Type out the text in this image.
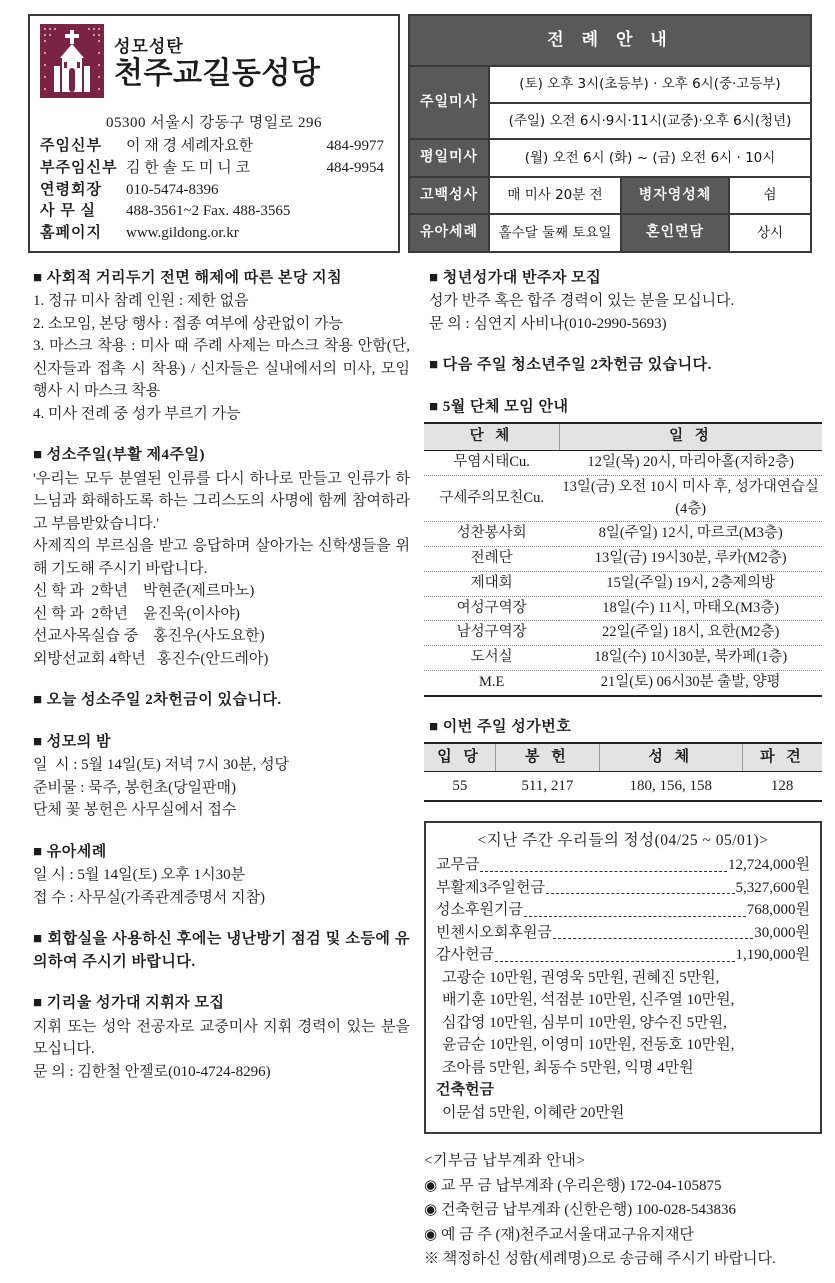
성모성탄
천주교길동성당
05300 서울시 강동구 명일로 296
주임신부	이 재 경 세례자요한	484-9977
부주임신부 김 한 솔 도 미 니 코	484-9954
연령회장	010-5474-8396
사 무 실	488-3561~2 Fax. 488-3565
홈페이지	www.gildong.or.kr
전 례 안 내			
주일미사	(토) 오후 3시(초등부) · 오후 6시(중·고등부)		
	(주일) 오전 6시·9시·11시(교중)·오후 6시(청년)		
평일미사	(월) 오전 6시 (화) ~ (금) 오전 6시 · 10시		
고백성사	매 미사 20분 전	병자영성체	쉼
유아세례	홀수달 둘째 토요일	혼인면담	상시

■ 사회적 거리두기 전면 해제에 따른 본당 지침

1. 정규 미사 참례 인원 : 제한 없음

2. 소모임, 본당 행사 : 접종 여부에 상관없이 가능

3. 마스크 착용 : 미사 때 주례 사제는 마스크 착용 안함(단, 신자들과 접촉 시 착용) / 신자들은 실내에서의 미사, 모임 행사 시 마스크 착용

4. 미사 전례 중 성가 부르기 가능

■ 성소주일(부활 제4주일)

'우리는 모두 분열된 인류를 다시 하나로 만들고 인류가 하느님과 화해하도록 하는 그리스도의 사명에 함께 참여하라고 부름받았습니다.'

사제직의 부르심을 받고 응답하며 살아가는 신학생들을 위해 기도해 주시기 바랍니다.

신 학 과  2학년    박현준(제르마노)

신 학 과  2학년    윤진욱(이사야)

선교사목실습 중    홍진우(사도요한)

외방선교회 4학년   홍진수(안드레아)

■ 오늘 성소주일 2차헌금이 있습니다.

■ 성모의 밤

일  시 : 5월 14일(토) 저녁 7시 30분, 성당

준비물 : 묵주, 봉헌초(당일판매)

단체 꽃 봉헌은 사무실에서 접수

■ 유아세례

일 시 : 5월 14일(토) 오후 1시30분

접 수 : 사무실(가족관계증명서 지참)

■ 회합실을 사용하신 후에는 냉난방기 점검 및 소등에 유의하여 주시기 바랍니다.

■ 기리울 성가대 지휘자 모집

지휘 또는 성악 전공자로 교중미사 지휘 경력이 있는 분을 모십니다.

문 의 : 김한철 안젤로(010-4724-8296)

■ 청년성가대 반주자 모집

성가 반주 혹은 합주 경력이 있는 분을 모십니다.

문 의 : 심연지 사비나(010-2990-5693)

■ 다음 주일 청소년주일 2차헌금 있습니다.

■ 5월 단체 모임 안내

단 체	일 정
무염시태Cu.	12일(목) 20시, 마리아홀(지하2층)
구세주의모친Cu.	13일(금) 오전 10시 미사 후, 성가대연습실(4층)
성찬봉사회	8일(주일) 12시, 마르코(M3층)
전례단	13일(금) 19시30분, 루카(M2층)
제대회	15일(주일) 19시, 2층제의방
여성구역장	18일(수) 11시, 마태오(M3층)
남성구역장	22일(주일) 18시, 요한(M2층)
도서실	18일(수) 10시30분, 북카페(1층)
M.E	21일(토) 06시30분 출발, 양평

■ 이번 주일 성가번호

입 당	봉 헌	성 체	파 견
55	511, 217	180, 156, 158	128

<지난 주간 우리들의 정성(04/25 ~ 05/01)>

교무금	12,724,000원
부활제3주일헌금	5,327,600원
성소후원기금	768,000원
빈첸시오회후원금	30,000원
감사헌금	1,190,000원

고광순 10만원, 권영욱 5만원, 권혜진 5만원,

배기훈 10만원, 석점분 10만원, 신주열 10만원,

심갑영 10만원, 심부미 10만원, 양수진 5만원,

윤금순 10만원, 이영미 10만원, 전동호 10만원,

조아름 5만원, 최동수 5만원, 익명 4만원

건축헌금

이문섭 5만원, 이혜란 20만원

<기부금 납부계좌 안내>

◉ 교 무 금 납부계좌 (우리은행) 172-04-105875

◉ 건축헌금 납부계좌 (신한은행) 100-028-543836

◉ 예 금 주 (재)천주교서울대교구유지재단

※ 책정하신 성함(세례명)으로 송금해 주시기 바랍니다.
